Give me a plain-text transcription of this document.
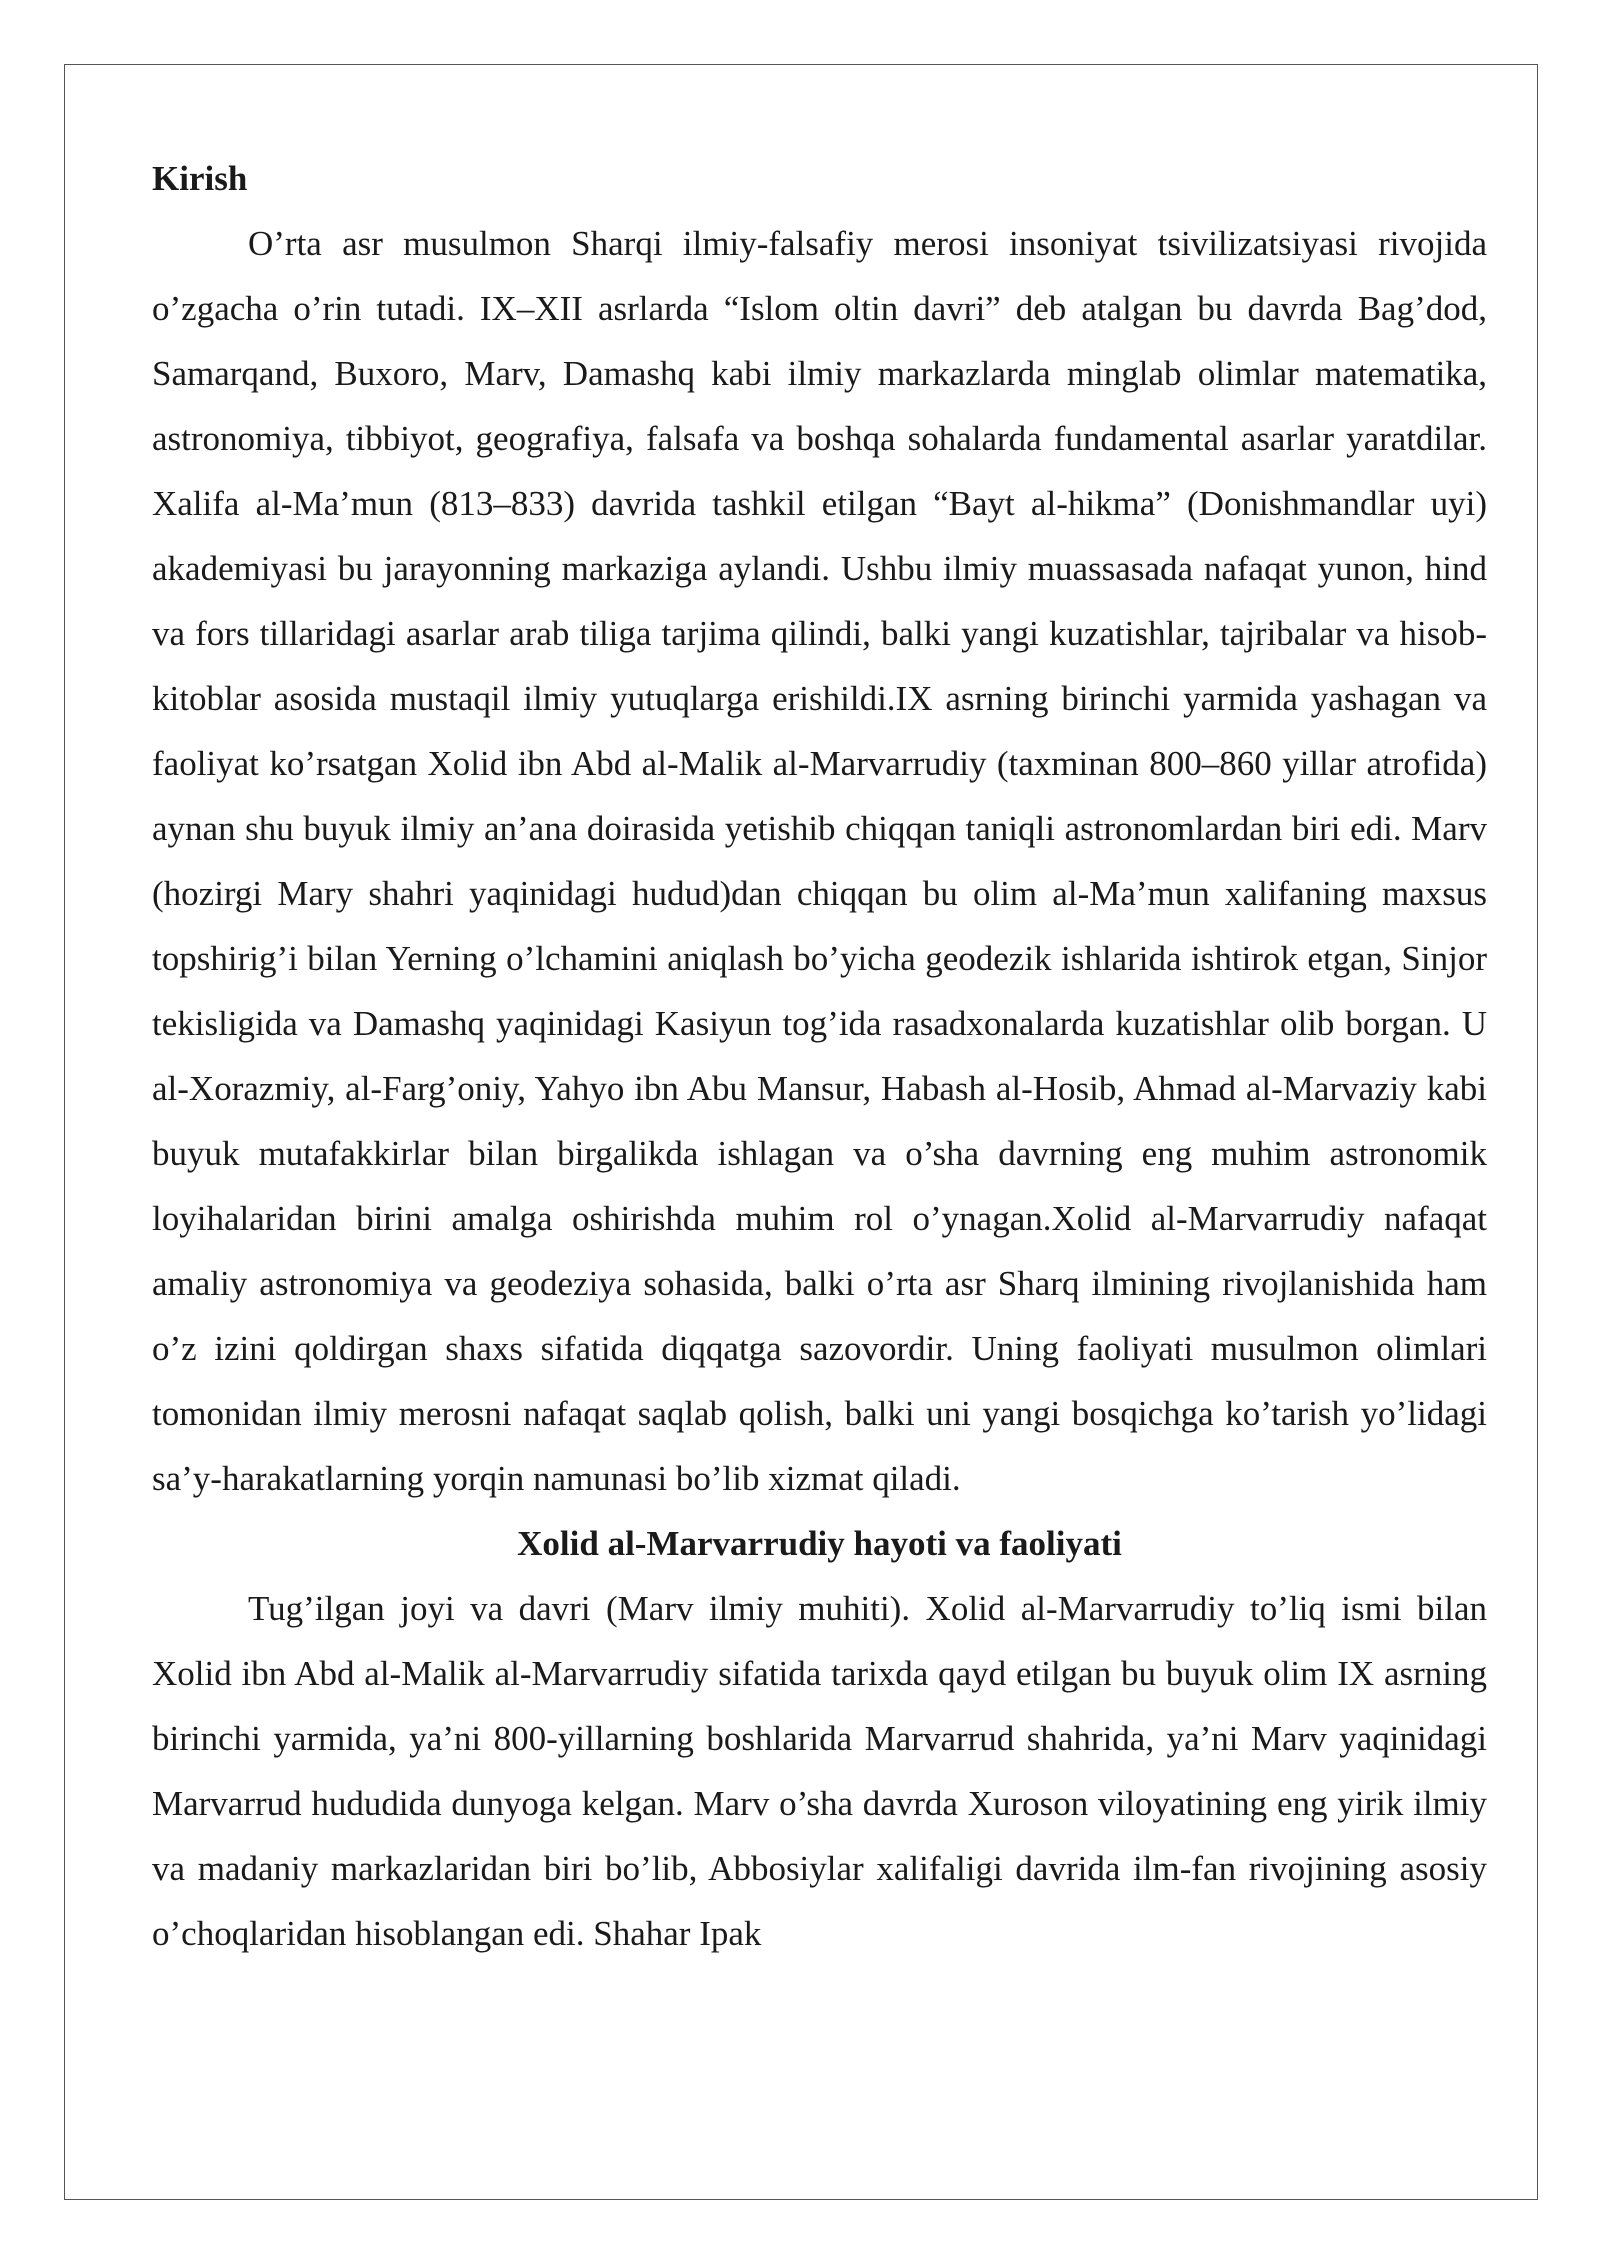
Kirish

O’rta asr musulmon Sharqi ilmiy-falsafiy merosi insoniyat tsivilizatsiyasi rivojida o’zgacha o’rin tutadi. IX–XII asrlarda “Islom oltin davri” deb atalgan bu davrda Bag’dod, Samarqand, Buxoro, Marv, Damashq kabi ilmiy markazlarda minglab olimlar matematika, astronomiya, tibbiyot, geografiya, falsafa va boshqa sohalarda fundamental asarlar yaratdilar. Xalifa al-Ma’mun (813–833) davrida tashkil etilgan “Bayt al-hikma” (Donishmandlar uyi) akademiyasi bu jarayonning markaziga aylandi. Ushbu ilmiy muassasada nafaqat yunon, hind va fors tillaridagi asarlar arab tiliga tarjima qilindi, balki yangi kuzatishlar, tajribalar va hisob-kitoblar asosida mustaqil ilmiy yutuqlarga erishildi.IX asrning birinchi yarmida yashagan va faoliyat ko’rsatgan Xolid ibn Abd al-Malik al-Marvarrudiy (taxminan 800–860 yillar atrofida) aynan shu buyuk ilmiy an’ana doirasida yetishib chiqqan taniqli astronomlardan biri edi. Marv (hozirgi Mary shahri yaqinidagi hudud)dan chiqqan bu olim al-Ma’mun xalifaning maxsus topshirig’i bilan Yerning o’lchamini aniqlash bo’yicha geodezik ishlarida ishtirok etgan, Sinjor tekisligida va Damashq yaqinidagi Kasiyun tog’ida rasadxonalarda kuzatishlar olib borgan. U al-Xorazmiy, al-Farg’oniy, Yahyo ibn Abu Mansur, Habash al-Hosib, Ahmad al-Marvaziy kabi buyuk mutafakkirlar bilan birgalikda ishlagan va o’sha davrning eng muhim astronomik loyihalaridan birini amalga oshirishda muhim rol o’ynagan.Xolid al-Marvarrudiy nafaqat amaliy astronomiya va geodeziya sohasida, balki o’rta asr Sharq ilmining rivojlanishida ham o’z izini qoldirgan shaxs sifatida diqqatga sazovordir. Uning faoliyati musulmon olimlari tomonidan ilmiy merosni nafaqat saqlab qolish, balki uni yangi bosqichga ko’tarish yo’lidagi sa’y-harakatlarning yorqin namunasi bo’lib xizmat qiladi.

Xolid al-Marvarrudiy hayoti va faoliyati

Tug’ilgan joyi va davri (Marv ilmiy muhiti). Xolid al-Marvarrudiy to’liq ismi bilan Xolid ibn Abd al-Malik al-Marvarrudiy sifatida tarixda qayd etilgan bu buyuk olim IX asrning birinchi yarmida, ya’ni 800-yillarning boshlarida Marvarrud shahrida, ya’ni Marv yaqinidagi Marvarrud hududida dunyoga kelgan. Marv o’sha davrda Xuroson viloyatining eng yirik ilmiy va madaniy markazlaridan biri bo’lib, Abbosiylar xalifaligi davrida ilm-fan rivojining asosiy o’choqlaridan hisoblangan edi. Shahar Ipak
